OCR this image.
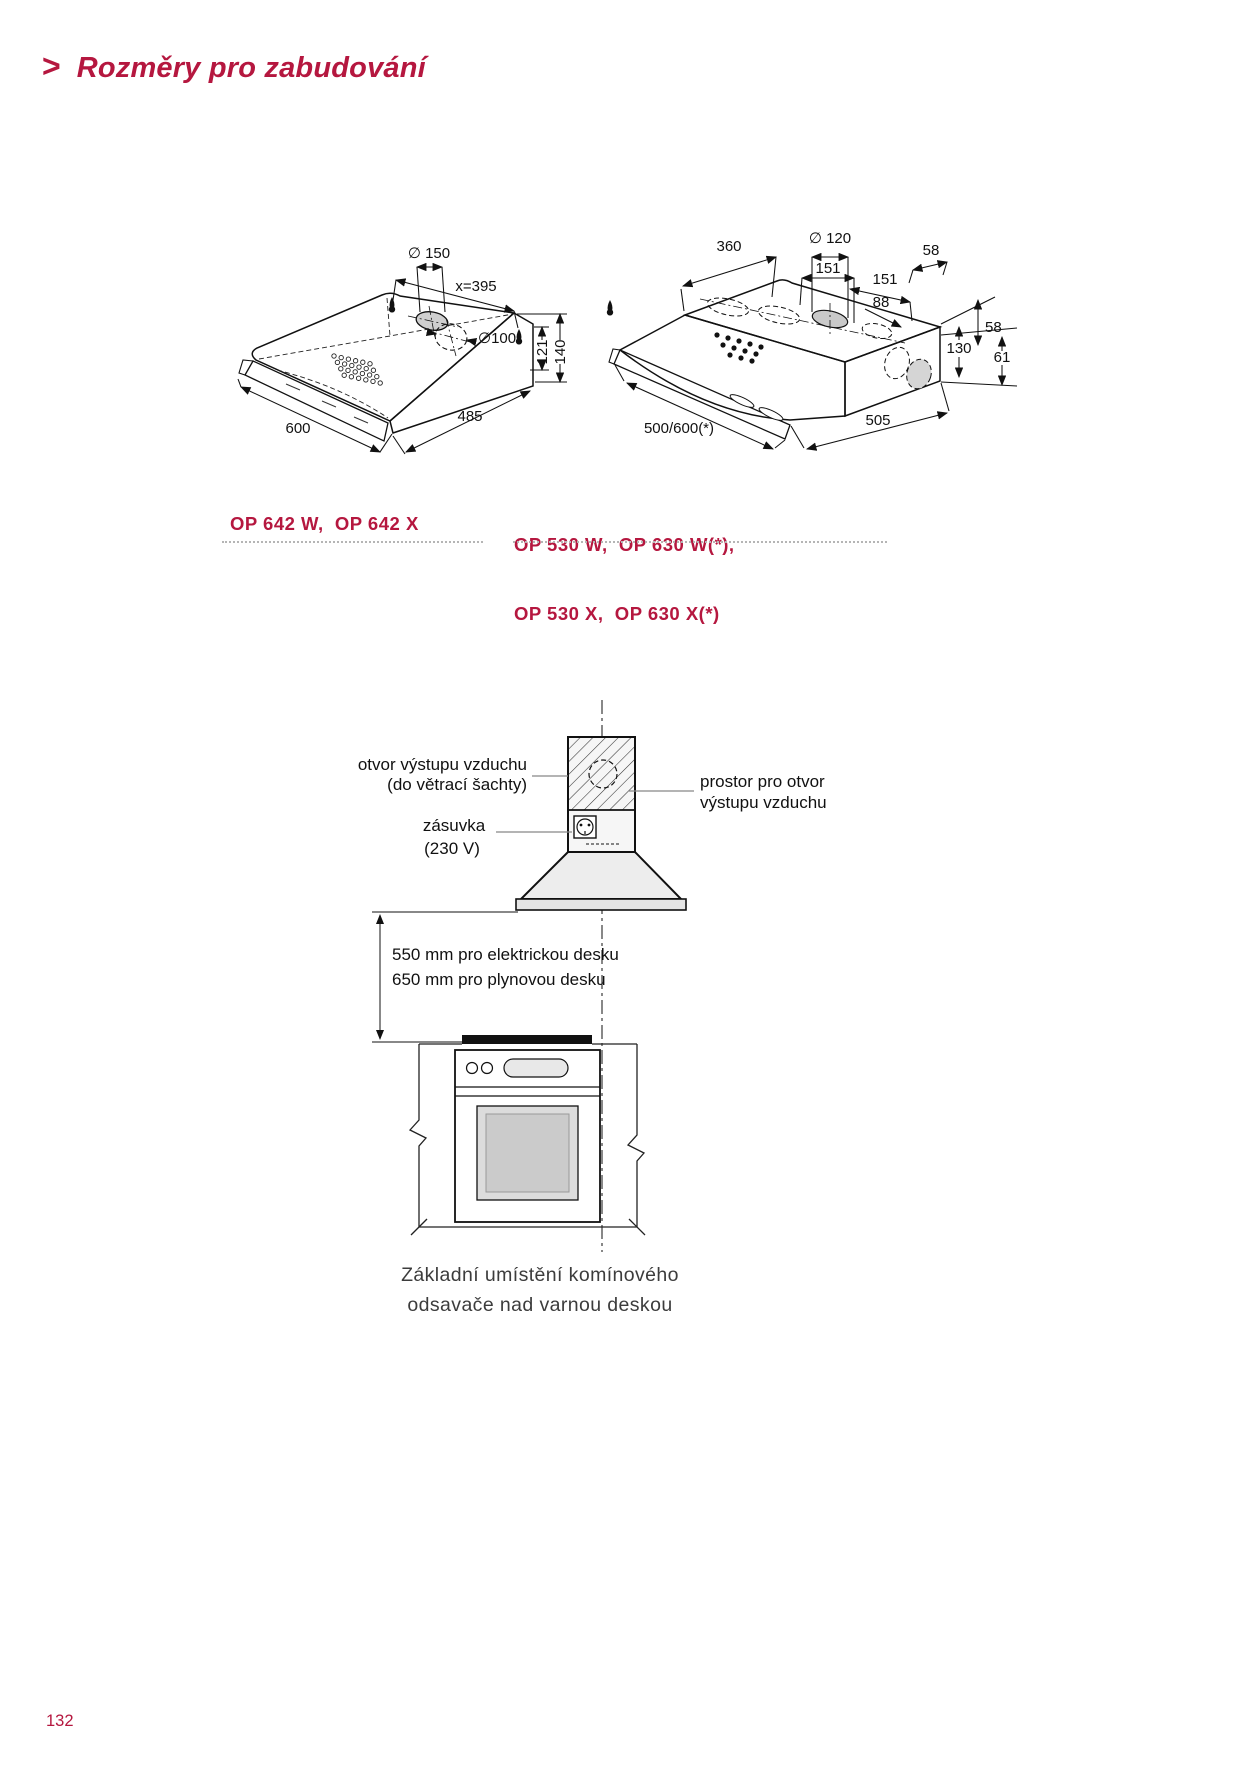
> Rozměry pro zabudování
∅ 150
x=395
∅100
600
485
121 140
360	∅ 120
151
151
58
88
58
130
61
500/600(*)	505
OP 642 W,  OP 642 X

OP 530 W,  OP 630 W(*),

OP 530 X,  OP 630 X(*)

otvor výstupu vzduchu
(do větrací šachty)	prostor pro otvor
výstupu vzduchu
zásuvka
(230 V)
550 mm pro elektrickou desku
650 mm pro plynovou desku
Základní umístění komínového
odsavače nad varnou deskou
132
